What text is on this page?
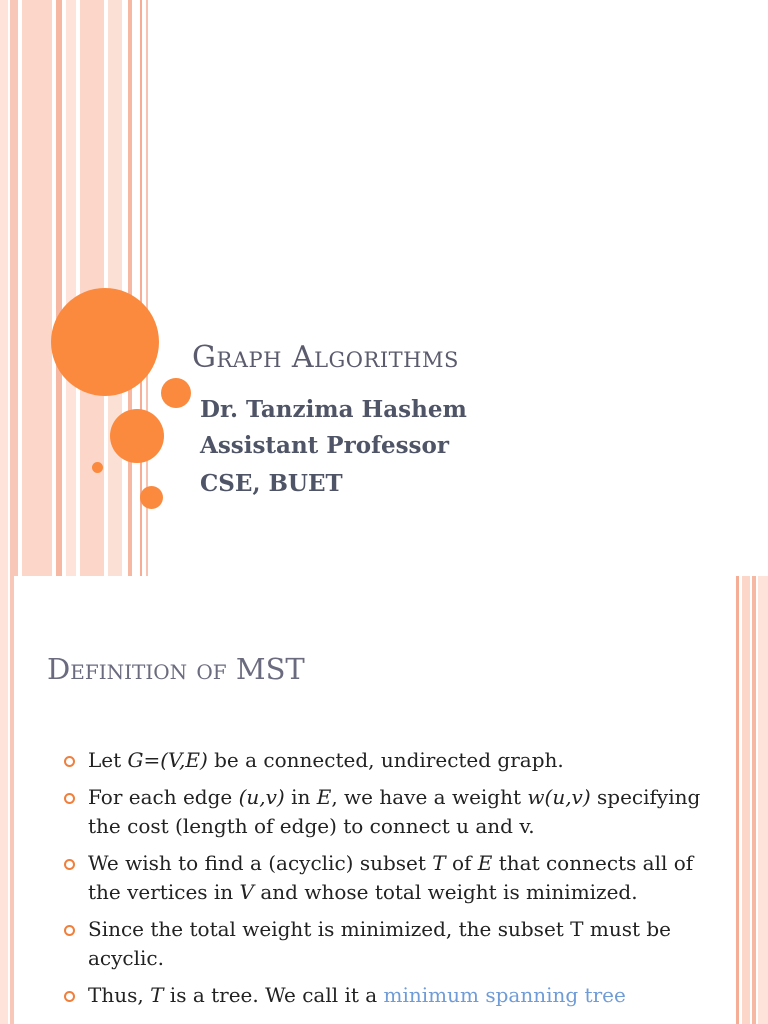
Graph Algorithms

Dr. Tanzima Hashem

Assistant Professor

CSE, BUET

Definition of MST
Let G=(V,E) be a connected, undirected graph.
For each edge (u,v) in E, we have a weight w(u,v) specifying the cost (length of edge) to connect u and v.
We wish to find a (acyclic) subset T of E that connects all of the vertices in V and whose total weight is minimized.
Since the total weight is minimized, the subset T must be acyclic.
Thus, T is a tree. We call it a minimum spanning tree
